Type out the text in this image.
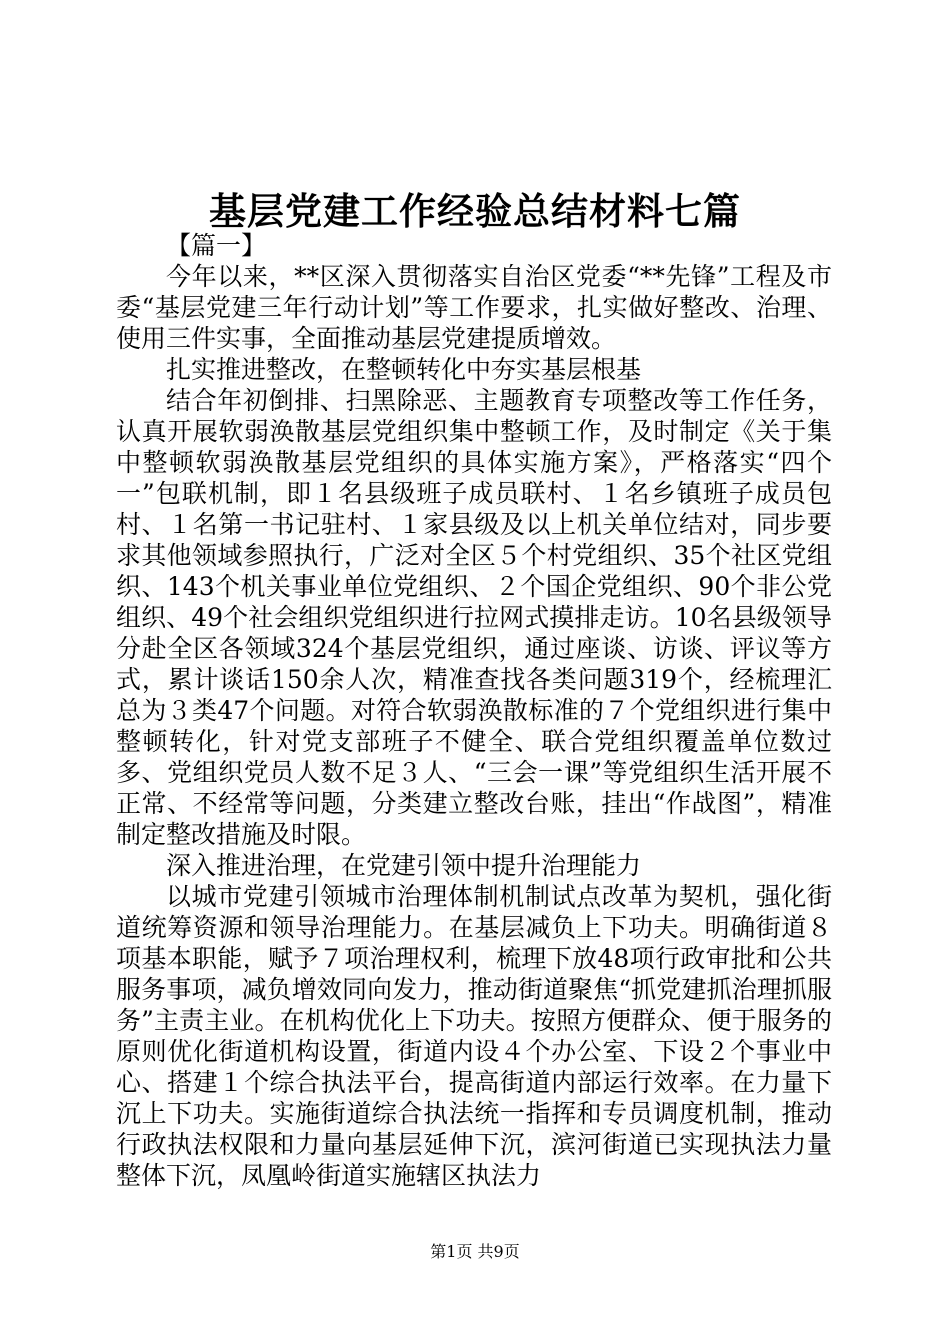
基层党建工作经验总结材料七篇

【篇一】

今年以来，**区深入贯彻落实自治区党委“**先锋”工程及市委“基层党建三年行动计划”等工作要求，扎实做好整改、治理、使用三件实事，全面推动基层党建提质增效。

扎实推进整改，在整顿转化中夯实基层根基

结合年初倒排、扫黑除恶、主题教育专项整改等工作任务，认真开展软弱涣散基层党组织集中整顿工作，及时制定《关于集中整顿软弱涣散基层党组织的具体实施方案》，严格落实“四个一”包联机制，即１名县级班子成员联村、１名乡镇班子成员包村、１名第一书记驻村、１家县级及以上机关单位结对，同步要求其他领域参照执行，广泛对全区５个村党组织、35个社区党组织、143个机关事业单位党组织、２个国企党组织、90个非公党组织、49个社会组织党组织进行拉网式摸排走访。10名县级领导分赴全区各领域324个基层党组织，通过座谈、访谈、评议等方式，累计谈话150余人次，精准查找各类问题319个，经梳理汇总为３类47个问题。对符合软弱涣散标准的７个党组织进行集中整顿转化，针对党支部班子不健全、联合党组织覆盖单位数过多、党组织党员人数不足３人、“三会一课”等党组织生活开展不正常、不经常等问题，分类建立整改台账，挂出“作战图”，精准制定整改措施及时限。

深入推进治理，在党建引领中提升治理能力

以城市党建引领城市治理体制机制试点改革为契机，强化街道统筹资源和领导治理能力。在基层减负上下功夫。明确街道８项基本职能，赋予７项治理权利，梳理下放48项行政审批和公共服务事项，减负增效同向发力，推动街道聚焦“抓党建抓治理抓服务”主责主业。在机构优化上下功夫。按照方便群众、便于服务的原则优化街道机构设置，街道内设４个办公室、下设２个事业中心、搭建１个综合执法平台，提高街道内部运行效率。在力量下沉上下功夫。实施街道综合执法统一指挥和专员调度机制，推动行政执法权限和力量向基层延伸下沉，滨河街道已实现执法力量整体下沉，凤凰岭街道实施辖区执法力

第1页 共9页
